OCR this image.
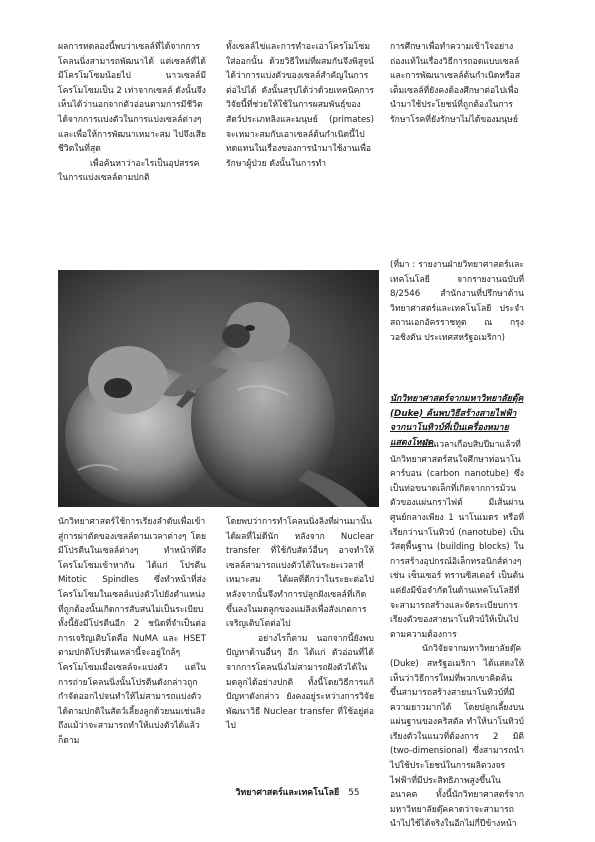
ผลการทดลองนี้พบว่าเซลล์ที่ได้จากการโคลนนิ่งสามารถพัฒนาได้ แต่เซลล์ที่ได้มีโครโมโซมน้อยไป นาวเซลล์มีโครโมโซมเป็น 2 เท่าจากเซลล์ ดังนั้นจึงเห็นได้ว่านอกจากตัวอ่อนตามการมีชีวิตได้จากการแบ่งตัวในการแบ่งเซลล์ต่างๆ และเพื่อให้การพัฒนาเหมาะสม ไปจึงเสียชีวิตในที่สุด

เพื่อค้นหาว่าอะไรเป็นอุปสรรคในการแบ่งเซลล์ตามปกติ

ทั้งเซลล์ไข่และการทำอะเอาโครโมโซมใส่ออกนั้น ด้วยวิธีใหม่ที่ผสมกันจึงพิสูจน์ได้ว่าการแบ่งตัวของเซลล์สำคัญในการต่อไปได้ ดังนั้นสรุปได้ว่าด้วยเทคนิคการวิจัยนี้ที่ช่วยให้ใช้ในการผสมพันธุ์ของสัตว์ประเภทลิงและมนุษย์ (primates) จะเหมาะสมกับเอาเซลล์ต้นกำเนิดนี้ไปทดแทนในเรื่องของการนำมาใช้งานเพื่อรักษาผู้ป่วย ดังนั้นในการทำ

การศึกษาเพื่อทำความเข้าใจอย่างถ่องแท้ในเรื่องวิธีการถอดแบบเซลล์ และการพัฒนาเซลล์ต้นกำเนิดหรือสเต็มเซลล์ที่ยังคงต้องศึกษาต่อไปเพื่อนำมาใช้ประโยชน์ที่ถูกต้องในการรักษาโรคที่ยังรักษาไม่ได้ของมนุษย์

(ที่มา : รายงานฝ่ายวิทยาศาสตร์และเทคโนโลยี จากรายงานฉบับที่ 8/2546 สำนักงานที่ปรึกษาด้านวิทยาศาสตร์และเทคโนโลยี ประจำสถานเอกอัครราชทูต ณ กรุงวอชิงตัน ประเทศสหรัฐอเมริกา)
นักวิทยาศาสตร์จากมหาวิทยาลัยดุ๊ค (Duke) ค้นพบวิธีสร้างสายไฟฟ้าจากนาโนทิวบ์ที่เป็นเครื่องหมายแสดงโหมด

นักวิทยาศาสตร์ใช้การเรียงลำดับเพื่อเข้าสู่การผ่าตัดของเซลล์ตามเวลาต่างๆ โดยมีโปรตีนในเซลล์ต่างๆ ทำหน้าที่ดึงโครโมโซมเข้าหากัน ได้แก่ โปรตีน Mitotic Spindles ซึ่งทำหน้าที่ส่งโครโมโซมในเซลล์แบ่งตัวไปยังตำแหน่งที่ถูกต้องนั้นเกิดการสับสนไม่เป็นระเบียบ ทั้งนี้ยังมีโปรตีนอีก 2 ชนิดที่จำเป็นต่อการเจริญเติบโตคือ NuMA และ HSET ตามปกติโปรตีนเหล่านี้จะอยู่ใกล้ๆ โครโมโซมเมื่อเซลล์จะแบ่งตัว แต่ในการถ่ายโคลนนิ่งนั้นโปรตีนดังกล่าวถูกกำจัดออกไปจนทำให้ไม่สามารถแบ่งตัวได้ตามปกติในสัตว์เลี้ยงลูกด้วยนมเช่นลิงถึงแม้ว่าจะสามารถทำให้แบ่งตัวได้แล้วก็ตาม

โดยพบว่าการทำโคลนนิ่งลิงที่ผ่านมานั้นได้ผลที่ไม่ดีนัก หลังจาก Nuclear transfer ที่ใช้กับสัตว์อื่นๆ อาจทำให้เซลล์สามารถแบ่งตัวได้ในระยะเวลาที่เหมาะสม ได้ผลที่ดีกว่าในระยะต่อไป หลังจากนั้นจึงทำการปลูกฝังเซลล์ที่เกิดขึ้นลงในมดลูกของแม่ลิงเพื่อสังเกตการเจริญเติบโตต่อไป

อย่างไรก็ตาม นอกจากนี้ยังพบปัญหาด้านอื่นๆ อีก ได้แก่ ตัวอ่อนที่ได้จากการโคลนนิ่งไม่สามารถฝังตัวได้ในมดลูกได้อย่างปกติ ทั้งนี้โดยวิธีการแก้ปัญหาดังกล่าว ยังคงอยู่ระหว่างการวิจัยพัฒนาวิธี Nuclear transfer ที่ใช้อยู่ต่อไป

เป็นเวลาเกือบสิบปีมาแล้วที่นักวิทยาศาสตร์สนใจศึกษาท่อนาโนคาร์บอน (carbon nanotube) ซึ่งเป็นท่อขนาดเล็กที่เกิดจากการม้วนตัวของแผ่นกราไฟต์ มีเส้นผ่านศูนย์กลางเพียง 1 นาโนเมตร หรือที่เรียกว่านาโนทิวบ์ (nanotube) เป็นวัสดุพื้นฐาน (building blocks) ในการสร้างอุปกรณ์อิเล็กทรอนิกส์ต่างๆ เช่น เซ็นเซอร์ ทรานซิสเตอร์ เป็นต้น แต่ยังมีข้อจำกัดในด้านเทคโนโลยีที่จะสามารถสร้างและจัดระเบียบการเรียงตัวของสายนาโนทิวบ์ให้เป็นไปตามความต้องการ

นักวิจัยจากมหาวิทยาลัยดุ๊ค (Duke) สหรัฐอเมริกา ได้แสดงให้เห็นว่าวิธีการใหม่ที่พวกเขาคิดค้นขึ้นสามารถสร้างสายนาโนทิวบ์ที่มีความยาวมากได้ โดยปลูกเลี้ยงบนแผ่นฐานของคริสตัล ทำให้นาโนทิวบ์เรียงตัวในแนวที่ต้องการ 2 มิติ (two-dimensional) ซึ่งสามารถนำไปใช้ประโยชน์ในการผลิตวงจรไฟฟ้าที่มีประสิทธิภาพสูงขึ้นในอนาคต ทั้งนี้นักวิทยาศาสตร์จากมหาวิทยาลัยดุ๊คคาดว่าจะสามารถนำไปใช้ได้จริงในอีกไม่กี่ปีข้างหน้า

วิทยาศาสตร์และเทคโนโลยี 55
